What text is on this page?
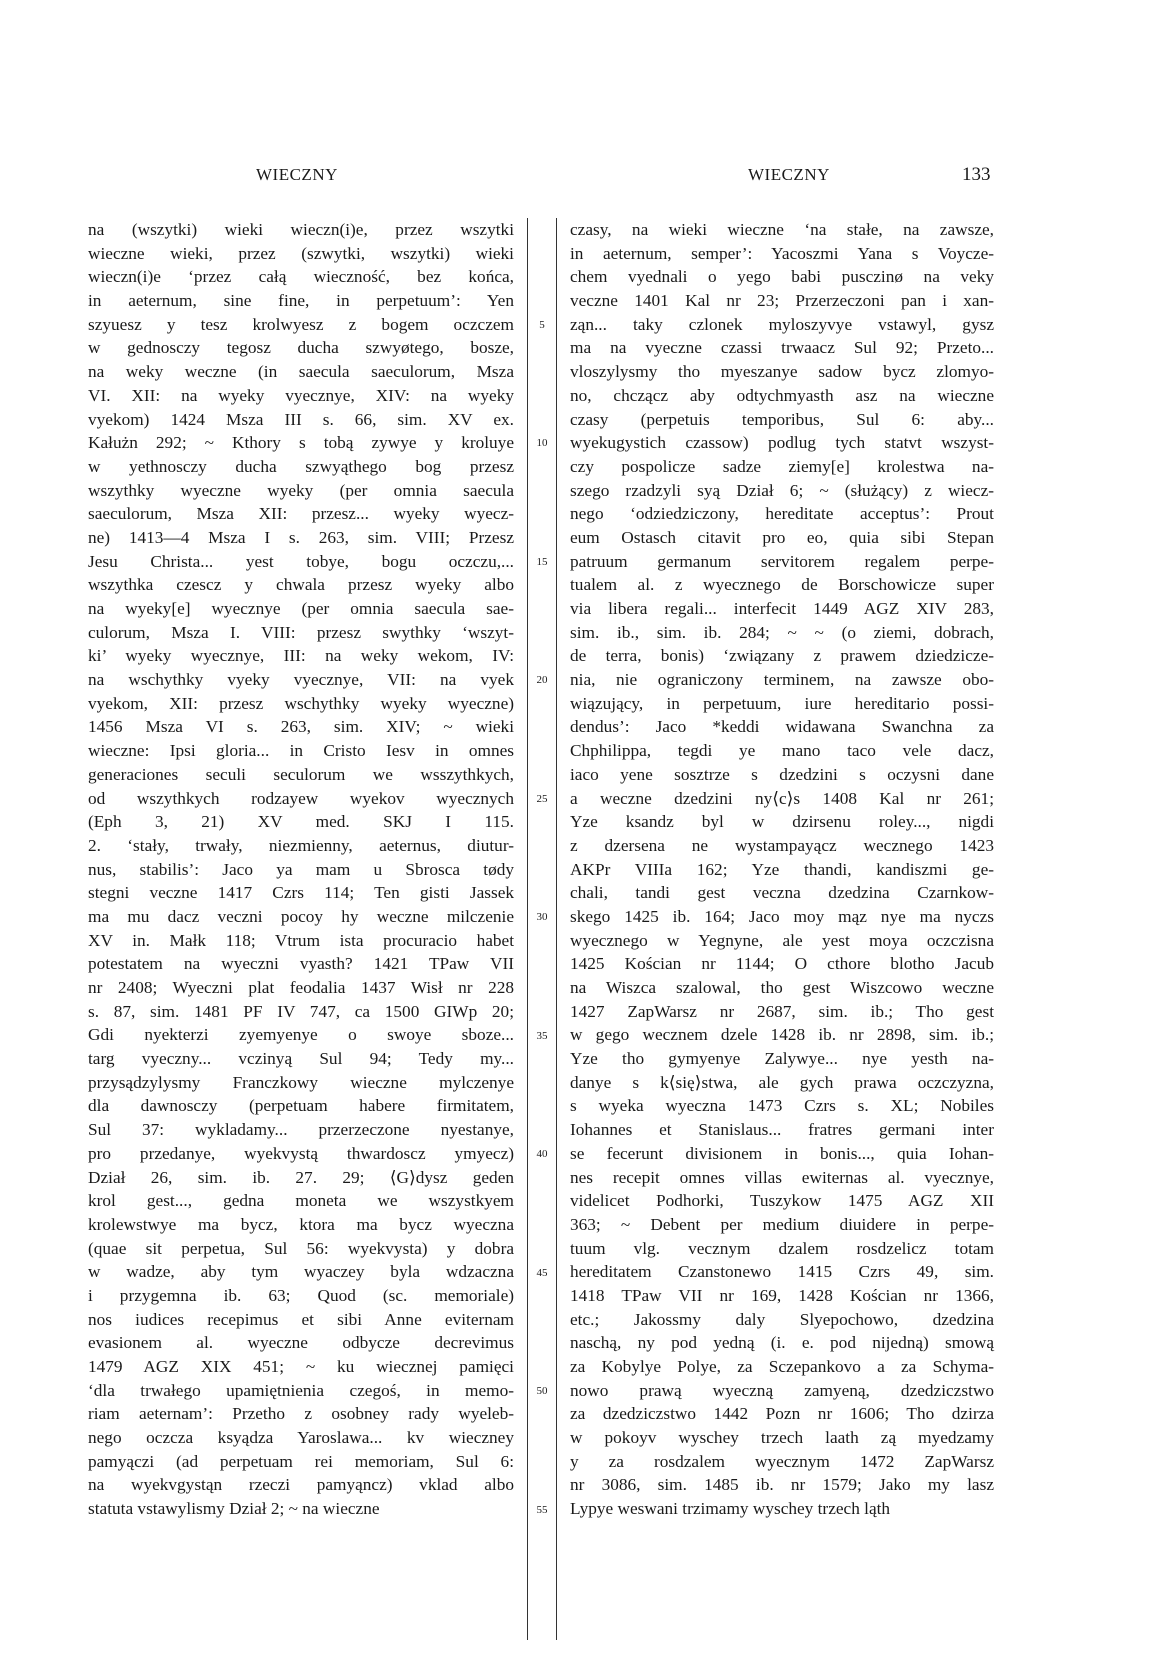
WIECZNY	WIECZNY	133
na (wszytki) wieki wieczn(i)e, przez wszytki
wieczne wieki, przez (szwytki, wszytki) wieki
wieczn(i)e ‘przez całą wieczność, bez końca,
in aeternum, sine fine, in perpetuum’: Yen
szyuesz y tesz krolwyesz z bogem oczczem
w gednosczy tegosz ducha szwyøtego, bosze,
na weky weczne (in saecula saeculorum, Msza
VI. XII: na wyeky vyecznye, XIV: na wyeky
vyekom) 1424 Msza III s. 66, sim. XV ex.
Kałużn 292; ~ Kthory s tobą zywye y kroluye
w yethnosczy ducha szwyąthego bog przesz
wszythky wyeczne wyeky (per omnia saecula
saeculorum, Msza XII: przesz... wyeky wyecz-
ne) 1413—4 Msza I s. 263, sim. VIII; Przesz
Jesu Christa... yest tobye, bogu oczczu,...
wszythka czescz y chwala przesz wyeky albo
na wyeky[e] wyecznye (per omnia saecula sae-
culorum, Msza I. VIII: przesz swythky ‘wszyt-
ki’ wyeky wyecznye, III: na weky wekom, IV:
na wschythky vyeky vyecznye, VII: na vyek
vyekom, XII: przesz wschythky wyeky wyeczne)
1456 Msza VI s. 263, sim. XIV; ~ wieki
wieczne: Ipsi gloria... in Cristo Iesv in omnes
generaciones seculi seculorum we wsszythkych,
od wszythkych rodzayew wyekov wyecznych
(Eph 3, 21) XV med. SKJ I 115.
2. ‘stały, trwały, niezmienny, aeternus, diutur-
nus, stabilis’: Jaco ya mam u Sbrosca tødy
stegni veczne 1417 Czrs 114; Ten gisti Jassek
ma mu dacz veczni pocoy hy weczne milczenie
XV in. Małk 118; Vtrum ista procuracio habet
potestatem na wyeczni vyasth? 1421 TPaw VII
nr 2408; Wyeczni plat feodalia 1437 Wisł nr 228
s. 87, sim. 1481 PF IV 747, ca 1500 GIWp 20;
Gdi nyekterzi zyemyenye o swoye sboze...
targ vyeczny... vczinyą Sul 94; Tedy my...
przysądzylysmy Franczkowy wieczne mylczenye
dla dawnosczy (perpetuam habere firmitatem,
Sul 37: wykladamy... przerzeczone nyestanye,
pro przedanye, wyekvystą thwardoscz ymyecz)
Dział 26, sim. ib. 27. 29; ⟨G⟩dysz geden
krol gest..., gedna moneta we wszystkyem
krolewstwye ma bycz, ktora ma bycz wyeczna
(quae sit perpetua, Sul 56: wyekvysta) y dobra
w wadze, aby tym wyaczey byla wdzaczna
i przygemna ib. 63; Quod (sc. memoriale)
nos iudices recepimus et sibi Anne eviternam
evasionem al. wyeczne odbycze decrevimus
1479 AGZ XIX 451; ~ ku wiecznej pamięci
‘dla trwałego upamiętnienia czegoś, in memo-
riam aeternam’: Przetho z osobney rady wyeleb-
nego oczcza ksyądza Yaroslawa... kv wieczney
pamyączi (ad perpetuam rei memoriam, Sul 6:
na wyekvgystąn rzeczi pamyąncz) vklad albo
statuta vstawylismy Dział 2; ~ na wieczne
5
10
15
20
25
30
35
40
45
50
55
czasy, na wieki wieczne ‘na stałe, na zawsze,
in aeternum, semper’: Yacoszmi Yana s Voycze-
chem vyednali o yego babi pusczinø na veky
veczne 1401 Kal nr 23; Przerzeczoni pan i xan-
ząn... taky czlonek myloszyvye vstawyl, gysz
ma na vyeczne czassi trwaacz Sul 92; Przeto...
vloszylysmy tho myeszanye sadow bycz zlomyo-
no, chcząсz aby odtychmyasth asz na wieczne
czasy (perpetuis temporibus, Sul 6: aby...
wyekugystich czassow) podlug tych statvt wszyst-
czy pospolicze sadze ziemy[e] krolestwa na-
szego rzadzyli syą Dział 6; ~ (służący) z wiecz-
nego ‘odziedziczony, hereditate acceptus’: Prout
eum Ostasch citavit pro eo, quia sibi Stepan
patruum germanum servitorem regalem perpe-
tualem al. z wyecznego de Borschowicze super
via libera regali... interfecit 1449 AGZ XIV 283,
sim. ib., sim. ib. 284; ~ ~ (o ziemi, dobrach,
de terra, bonis) ‘związany z prawem dziedzicze-
nia, nie ograniczony terminem, na zawsze obo-
wiązujący, in perpetuum, iure hereditario possi-
dendus’: Jaco *keddi widawana Swanchna za
Chphilippa, tegdi ye mano taco vele dacz,
iaco yene sosztrze s dzedzini s oczysni dane
a weczne dzedzini ny⟨c⟩s 1408 Kal nr 261;
Yze ksandz byl w dzirsenu roley..., nigdi
z dzersena ne wystampayącz wecznego 1423
AKPr VIIIa 162; Yze thandi, kandiszmi ge-
chali, tandi gest veczna dzedzina Czarnkow-
skego 1425 ib. 164; Jaco moy mąz nye ma nyczs
wyecznego w Yegnyne, ale yest moya oczczisna
1425 Kościan nr 1144; O cthore blotho Jacub
na Wiszca szalowal, tho gest Wiszcowo weczne
1427 ZapWarsz nr 2687, sim. ib.; Tho gest
w gego wecznem dzele 1428 ib. nr 2898, sim. ib.;
Yze tho gymyenye Zalywye... nye yesth na-
danye s k⟨się⟩stwa, ale gych prawa oczczyzna,
s wyeka wyeczna 1473 Czrs s. XL; Nobiles
Iohannes et Stanislaus... fratres germani inter
se fecerunt divisionem in bonis..., quia Iohan-
nes recepit omnes villas ewiternas al. vyecznye,
videlicet Podhorki, Tuszykow 1475 AGZ XII
363; ~ Debent per medium diuidere in perpe-
tuum vlg. vecznym dzalem rosdzelicz totam
hereditatem Czanstonewo 1415 Czrs 49, sim.
1418 TPaw VII nr 169, 1428 Kościan nr 1366,
etc.; Jakossmy daly Slyepochowo, dzedzina
naschą, ny pod yedną (i. e. pod nijedną) smową
za Kobylye Polye, za Sczepankovo a za Schyma-
nowo prawą wyeczną zamyeną, dzedziczstwo
za dzedziczstwo 1442 Pozn nr 1606; Tho dzirza
w pokoyv wyschey trzech laath zą myedzamy
y za rosdzalem wyecznym 1472 ZapWarsz
nr 3086, sim. 1485 ib. nr 1579; Jako my lasz
Lypye weswani trzimamy wyschey trzech ląth
